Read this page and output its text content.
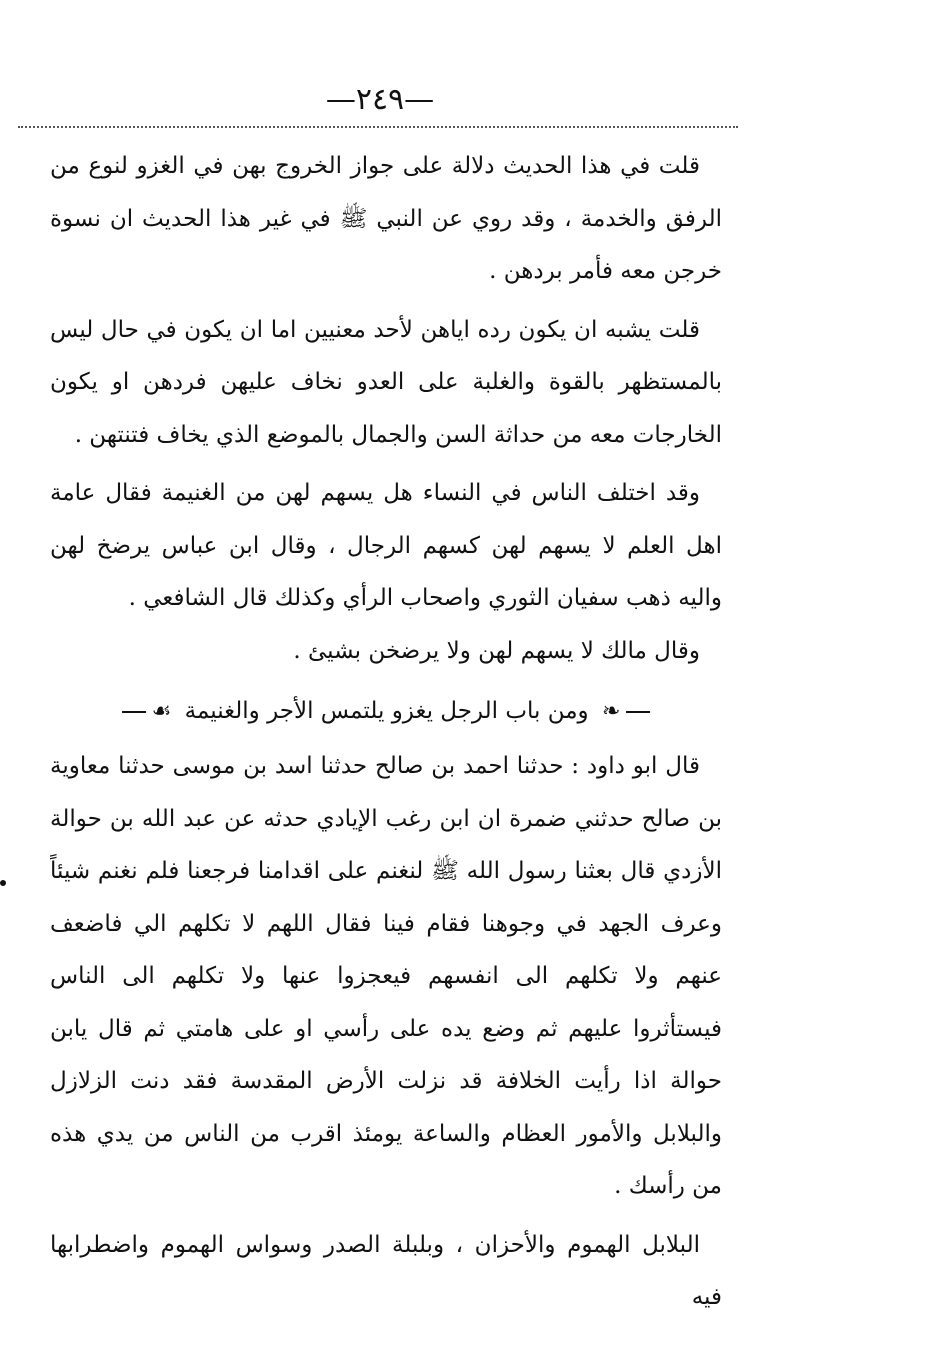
—٢٤٩—

قلت في هذا الحديث دلالة على جواز الخروج بهن في الغزو لنوع من الرفق والخدمة ، وقد روي عن النبي ﷺ في غير هذا الحديث ان نسوة خرجن معه فأمر بردهن .

قلت يشبه ان يكون رده اياهن لأحد معنيين اما ان يكون في حال ليس بالمستظهر بالقوة والغلبة على العدو نخاف عليهن فردهن او يكون الخارجات معه من حداثة السن والجمال بالموضع الذي يخاف فتنتهن .

وقد اختلف الناس في النساء هل يسهم لهن من الغنيمة فقال عامة اهل العلم لا يسهم لهن كسهم الرجال ، وقال ابن عباس يرضخ لهن واليه ذهب سفيان الثوري واصحاب الرأي وكذلك قال الشافعي .

وقال مالك لا يسهم لهن ولا يرضخن بشيئ .

❧ ومن باب الرجل يغزو يلتمس الأجر والغنيمة ☙

قال ابو داود : حدثنا احمد بن صالح حدثنا اسد بن موسى حدثنا معاوية بن صالح حدثني ضمرة ان ابن رغب الإيادي حدثه عن عبد الله بن حوالة الأزدي قال بعثنا رسول الله ﷺ لنغنم على اقدامنا فرجعنا فلم نغنم شيئاً وعرف الجهد في وجوهنا فقام فينا فقال اللهم لا تكلهم الي فاضعف عنهم ولا تكلهم الى انفسهم فيعجزوا عنها ولا تكلهم الى الناس فيستأثروا عليهم ثم وضع يده على رأسي او على هامتي ثم قال يابن حوالة اذا رأيت الخلافة قد نزلت الأرض المقدسة فقد دنت الزلازل والبلابل والأمور العظام والساعة يومئذ اقرب من الناس من يدي هذه من رأسك .

البلابل الهموم والأحزان ، وبلبلة الصدر وسواس الهموم واضطرابها فيه
